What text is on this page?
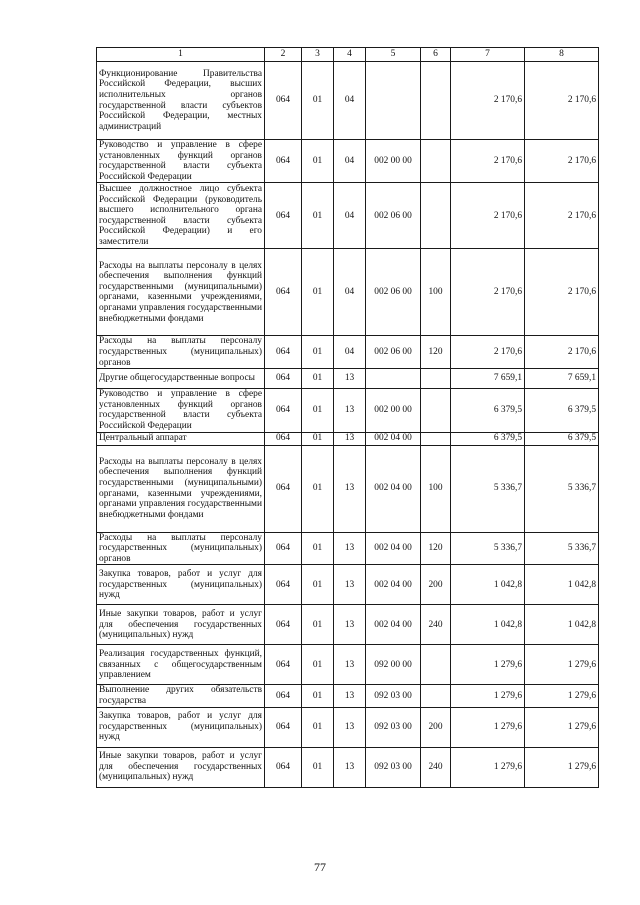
1	2	3	4	5	6	7	8
Функционирование Правительства Российской Федерации, высших исполнительных органов государственной власти субъектов Российской Федерации, местных администраций	064	01	04			2 170,6	2 170,6
Руководство и управление в сфере установленных функций органов государственной власти субъекта Российской Федерации	064	01	04	002 00 00		2 170,6	2 170,6
Высшее должностное лицо субъекта Российской Федерации (руководитель высшего исполнительного органа государственной власти субъекта Российской Федерации) и его заместители	064	01	04	002 06 00		2 170,6	2 170,6
Расходы на выплаты персоналу в целях обеспечения выполнения функций государственными (муниципальными) органами, казенными учреждениями, органами управления государственными внебюджетными фондами	064	01	04	002 06 00	100	2 170,6	2 170,6
Расходы на выплаты персоналу государственных (муниципальных) органов	064	01	04	002 06 00	120	2 170,6	2 170,6
Другие общегосударственные вопросы	064	01	13			7 659,1	7 659,1
Руководство и управление в сфере установленных функций органов государственной власти субъекта Российской Федерации	064	01	13	002 00 00		6 379,5	6 379,5
Центральный аппарат	064	01	13	002 04 00		6 379,5	6 379,5
Расходы на выплаты персоналу в целях обеспечения выполнения функций государственными (муниципальными) органами, казенными учреждениями, органами управления государственными внебюджетными фондами	064	01	13	002 04 00	100	5 336,7	5 336,7
Расходы на выплаты персоналу государственных (муниципальных) органов	064	01	13	002 04 00	120	5 336,7	5 336,7
Закупка товаров, работ и услуг для государственных (муниципальных) нужд	064	01	13	002 04 00	200	1 042,8	1 042,8
Иные закупки товаров, работ и услуг для обеспечения государственных (муниципальных) нужд	064	01	13	002 04 00	240	1 042,8	1 042,8
Реализация государственных функций, связанных с общегосударственным управлением	064	01	13	092 00 00		1 279,6	1 279,6
Выполнение других обязательств государства	064	01	13	092 03 00		1 279,6	1 279,6
Закупка товаров, работ и услуг для государственных (муниципальных) нужд	064	01	13	092 03 00	200	1 279,6	1 279,6
Иные закупки товаров, работ и услуг для обеспечения государственных (муниципальных) нужд	064	01	13	092 03 00	240	1 279,6	1 279,6
77
